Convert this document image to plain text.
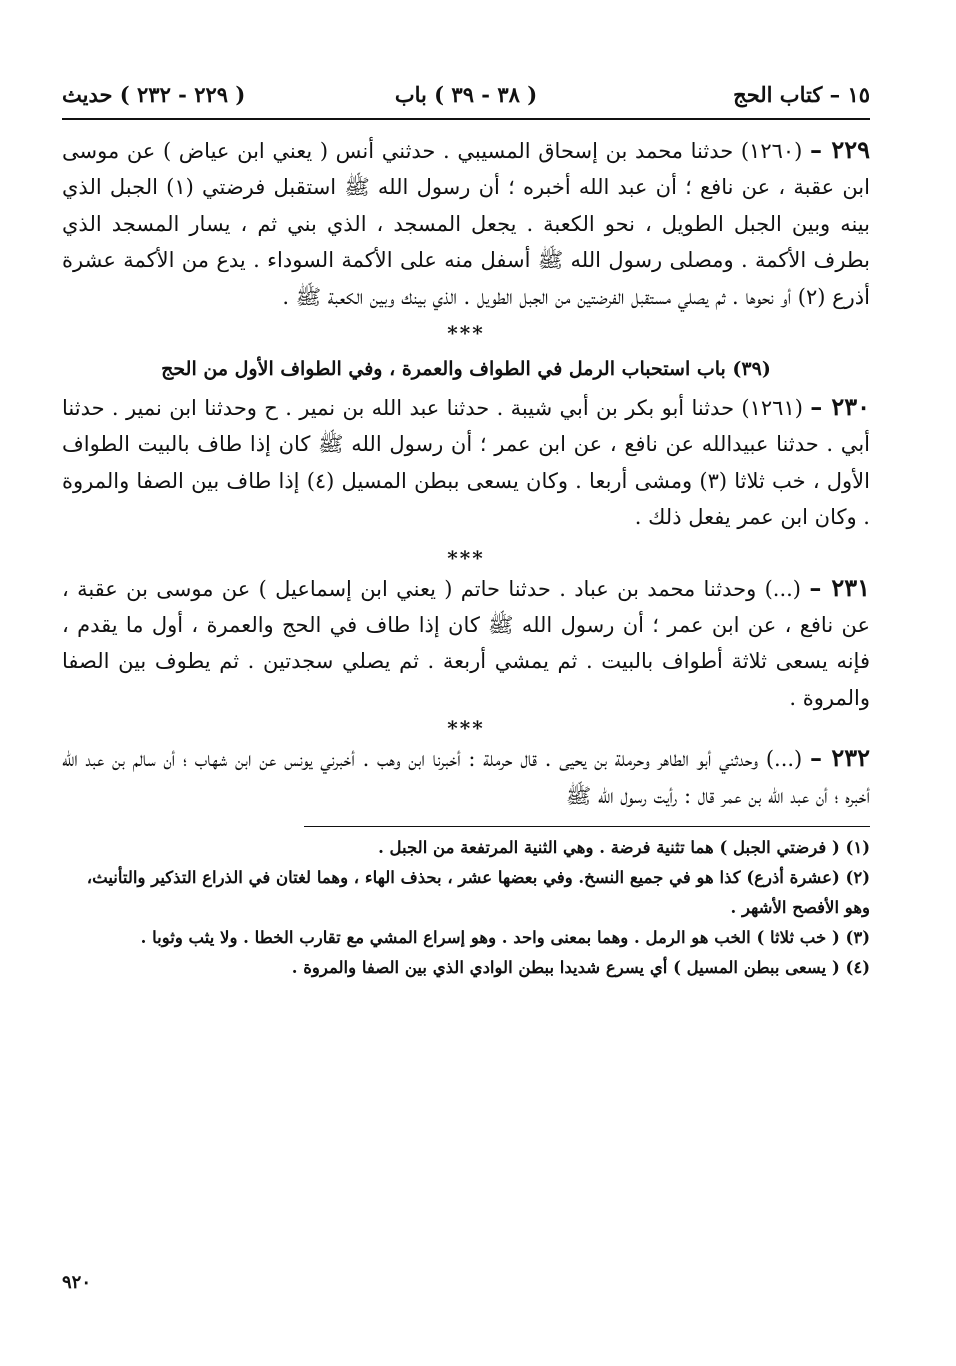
١٥ – كتاب الحج
( ٣٨ - ٣٩ ) باب
( ٢٢٩ - ٢٣٢ ) حديث

٢٢٩ – (١٢٦٠) حدثنا محمد بن إسحاق المسيبي . حدثني أنس ( يعني ابن عياض ) عن موسى ابن عقبة ، عن نافع ؛ أن عبد الله أخبره ؛ أن رسول الله ﷺ استقبل فرضتي (١) الجبل الذي بينه وبين الجبل الطويل ، نحو الكعبة . يجعل المسجد ، الذي بني ثم ، يسار المسجد الذي بطرف الأكمة . ومصلى رسول الله ﷺ أسفل منه على الأكمة السوداء . يدع من الأكمة عشرة أذرع (٢) أو نحوها . ثم يصلي مستقبل الفرضتين من الجبل الطويل . الذي بينك وبين الكعبة ﷺ .

***
(٣٩) باب استحباب الرمل في الطواف والعمرة ، وفي الطواف الأول من الحج

٢٣٠ – (١٢٦١) حدثنا أبو بكر بن أبي شيبة . حدثنا عبد الله بن نمير . ح وحدثنا ابن نمير . حدثنا أبي . حدثنا عبيدالله عن نافع ، عن ابن عمر ؛ أن رسول الله ﷺ كان إذا طاف بالبيت الطواف الأول ، خب ثلاثا (٣) ومشى أربعا . وكان يسعى ببطن المسيل (٤) إذا طاف بين الصفا والمروة . وكان ابن عمر يفعل ذلك .

***

٢٣١ – (...) وحدثنا محمد بن عباد . حدثنا حاتم ( يعني ابن إسماعيل ) عن موسى بن عقبة ، عن نافع ، عن ابن عمر ؛ أن رسول الله ﷺ كان إذا طاف في الحج والعمرة ، أول ما يقدم ، فإنه يسعى ثلاثة أطواف بالبيت . ثم يمشي أربعة . ثم يصلي سجدتين . ثم يطوف بين الصفا والمروة .

***

٢٣٢ – (...) وحدثني أبو الطاهر وحرملة بن يحيى . قال حرملة : أخبرنا ابن وهب . أخبرني يونس عن ابن شهاب ؛ أن سالم بن عبد الله أخبره ؛ أن عبد الله بن عمر قال : رأيت رسول الله ﷺ

(١) ( فرضتي الجبل ) هما تثنية فرضة . وهي الثنية المرتفعة من الجبل .

(٢) (عشرة أذرع) كذا هو في جميع النسخ. وفي بعضها عشر ، بحذف الهاء ، وهما لغتان في الذراع التذكير والتأنيث، وهو الأفصح الأشهر .

(٣) ( خب ثلاثا ) الخب هو الرمل . وهما بمعنى واحد . وهو إسراع المشي مع تقارب الخطا . ولا يثب وثوبا .

(٤) ( يسعى ببطن المسيل ) أي يسرع شديدا ببطن الوادي الذي بين الصفا والمروة .

٩٢٠
